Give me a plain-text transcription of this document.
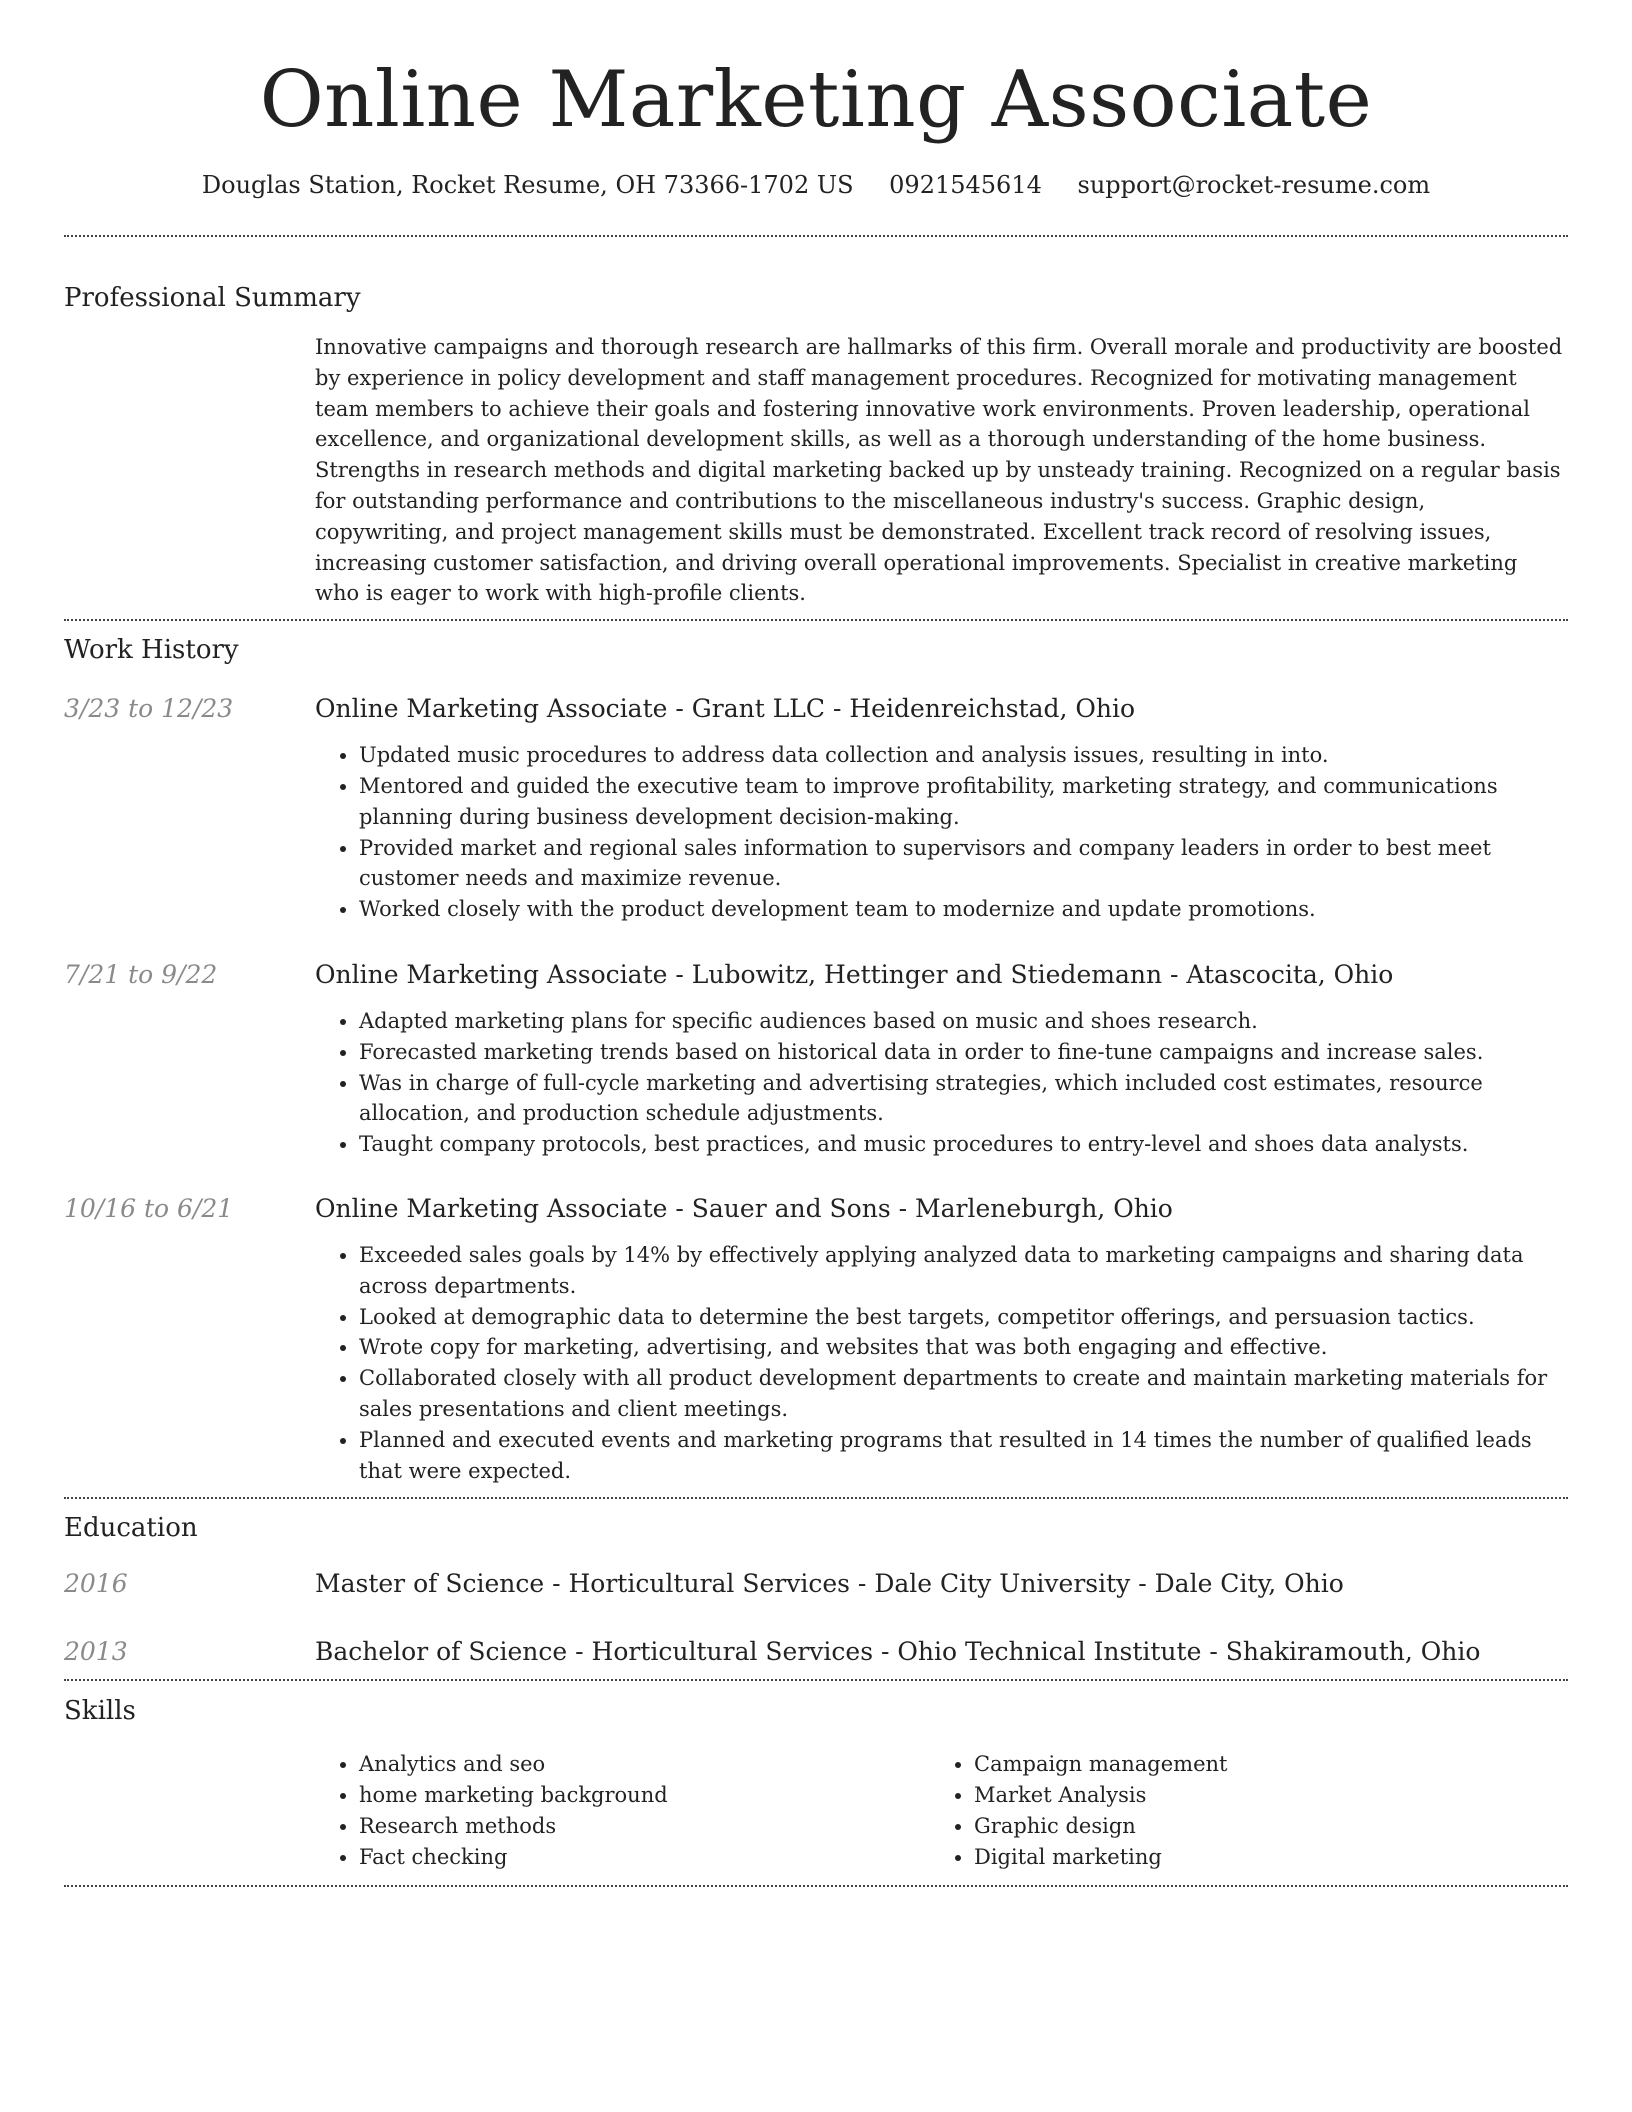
Online Marketing Associate
Douglas Station, Rocket Resume, OH 73366-1702 US 0921545614 support@rocket-resume.com
Professional Summary

Innovative campaigns and thorough research are hallmarks of this firm. Overall morale and productivity are boosted by experience in policy development and staff management procedures. Recognized for motivating management team members to achieve their goals and fostering innovative work environments. Proven leadership, operational excellence, and organizational development skills, as well as a thorough understanding of the home business. Strengths in research methods and digital marketing backed up by unsteady training. Recognized on a regular basis for outstanding performance and contributions to the miscellaneous industry's success. Graphic design, copywriting, and project management skills must be demonstrated. Excellent track record of resolving issues, increasing customer satisfaction, and driving overall operational improvements. Specialist in creative marketing who is eager to work with high-profile clients.

Work History
3/23 to 12/23	Online Marketing Associate - Grant LLC - Heidenreichstad, Ohio
• Updated music procedures to address data collection and analysis issues, resulting in into.
• Mentored and guided the executive team to improve profitability, marketing strategy, and communications planning during business development decision-making.
• Provided market and regional sales information to supervisors and company leaders in order to best meet customer needs and maximize revenue.
• Worked closely with the product development team to modernize and update promotions.
7/21 to 9/22	Online Marketing Associate - Lubowitz, Hettinger and Stiedemann - Atascocita, Ohio
• Adapted marketing plans for specific audiences based on music and shoes research.
• Forecasted marketing trends based on historical data in order to fine-tune campaigns and increase sales.
• Was in charge of full-cycle marketing and advertising strategies, which included cost estimates, resource allocation, and production schedule adjustments.
• Taught company protocols, best practices, and music procedures to entry-level and shoes data analysts.
10/16 to 6/21	Online Marketing Associate - Sauer and Sons - Marleneburgh, Ohio
• Exceeded sales goals by 14% by effectively applying analyzed data to marketing campaigns and sharing data across departments.
• Looked at demographic data to determine the best targets, competitor offerings, and persuasion tactics.
• Wrote copy for marketing, advertising, and websites that was both engaging and effective.
• Collaborated closely with all product development departments to create and maintain marketing materials for sales presentations and client meetings.
• Planned and executed events and marketing programs that resulted in 14 times the number of qualified leads that were expected.
Education
2016	Master of Science - Horticultural Services - Dale City University - Dale City, Ohio
2013	Bachelor of Science - Horticultural Services - Ohio Technical Institute - Shakiramouth, Ohio
Skills
• Analytics and seo
• home marketing background
• Research methods
• Fact checking
• Campaign management
• Market Analysis
• Graphic design
• Digital marketing
